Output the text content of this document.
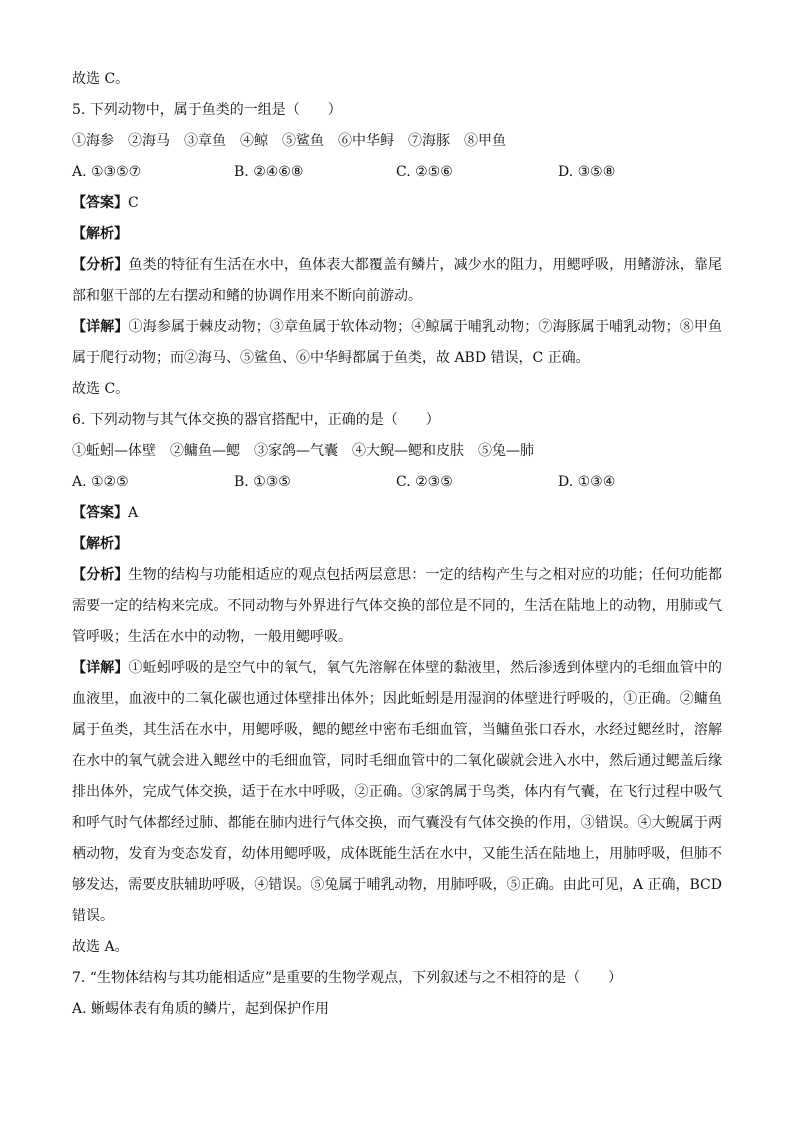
故选 C。
5. 下列动物中，属于鱼类的一组是（　　）
①海参　②海马　③章鱼　④鲸　⑤鲨鱼　⑥中华鲟　⑦海豚　⑧甲鱼
A. ①③⑤⑦	B. ②④⑥⑧	C. ②⑤⑥	D. ③⑤⑧
【答案】C
【解析】
【分析】鱼类的特征有生活在水中，鱼体表大都覆盖有鳞片，减少水的阻力，用鳃呼吸，用鳍游泳，靠尾部和躯干部的左右摆动和鳍的协调作用来不断向前游动。
【详解】①海参属于棘皮动物；③章鱼属于软体动物；④鲸属于哺乳动物；⑦海豚属于哺乳动物；⑧甲鱼属于爬行动物；而②海马、⑤鲨鱼、⑥中华鲟都属于鱼类，故 ABD 错误，C 正确。
故选 C。
6. 下列动物与其气体交换的器官搭配中，正确的是（　　）
①蚯蚓—体壁　②鳙鱼—鳃　③家鸽—气囊　④大鲵—鳃和皮肤　⑤兔—肺
A. ①②⑤	B. ①③⑤	C. ②③⑤	D. ①③④
【答案】A
【解析】
【分析】生物的结构与功能相适应的观点包括两层意思：一定的结构产生与之相对应的功能；任何功能都需要一定的结构来完成。不同动物与外界进行气体交换的部位是不同的，生活在陆地上的动物，用肺或气管呼吸；生活在水中的动物，一般用鳃呼吸。
【详解】①蚯蚓呼吸的是空气中的氧气，氧气先溶解在体壁的黏液里，然后渗透到体壁内的毛细血管中的血液里，血液中的二氧化碳也通过体壁排出体外；因此蚯蚓是用湿润的体壁进行呼吸的，①正确。②鳙鱼属于鱼类，其生活在水中，用鳃呼吸，鳃的鳃丝中密布毛细血管，当鳙鱼张口吞水，水经过鳃丝时，溶解在水中的氧气就会进入鳃丝中的毛细血管，同时毛细血管中的二氧化碳就会进入水中，然后通过鳃盖后缘排出体外，完成气体交换，适于在水中呼吸，②正确。③家鸽属于鸟类，体内有气囊，在飞行过程中吸气和呼气时气体都经过肺、都能在肺内进行气体交换，而气囊没有气体交换的作用，③错误。④大鲵属于两栖动物，发育为变态发育，幼体用鳃呼吸，成体既能生活在水中，又能生活在陆地上，用肺呼吸，但肺不够发达，需要皮肤辅助呼吸，④错误。⑤兔属于哺乳动物，用肺呼吸，⑤正确。由此可见，A 正确，BCD 错误。
故选 A。
7. “生物体结构与其功能相适应”是重要的生物学观点，下列叙述与之不相符的是（　　）
A. 蜥蜴体表有角质的鳞片，起到保护作用
